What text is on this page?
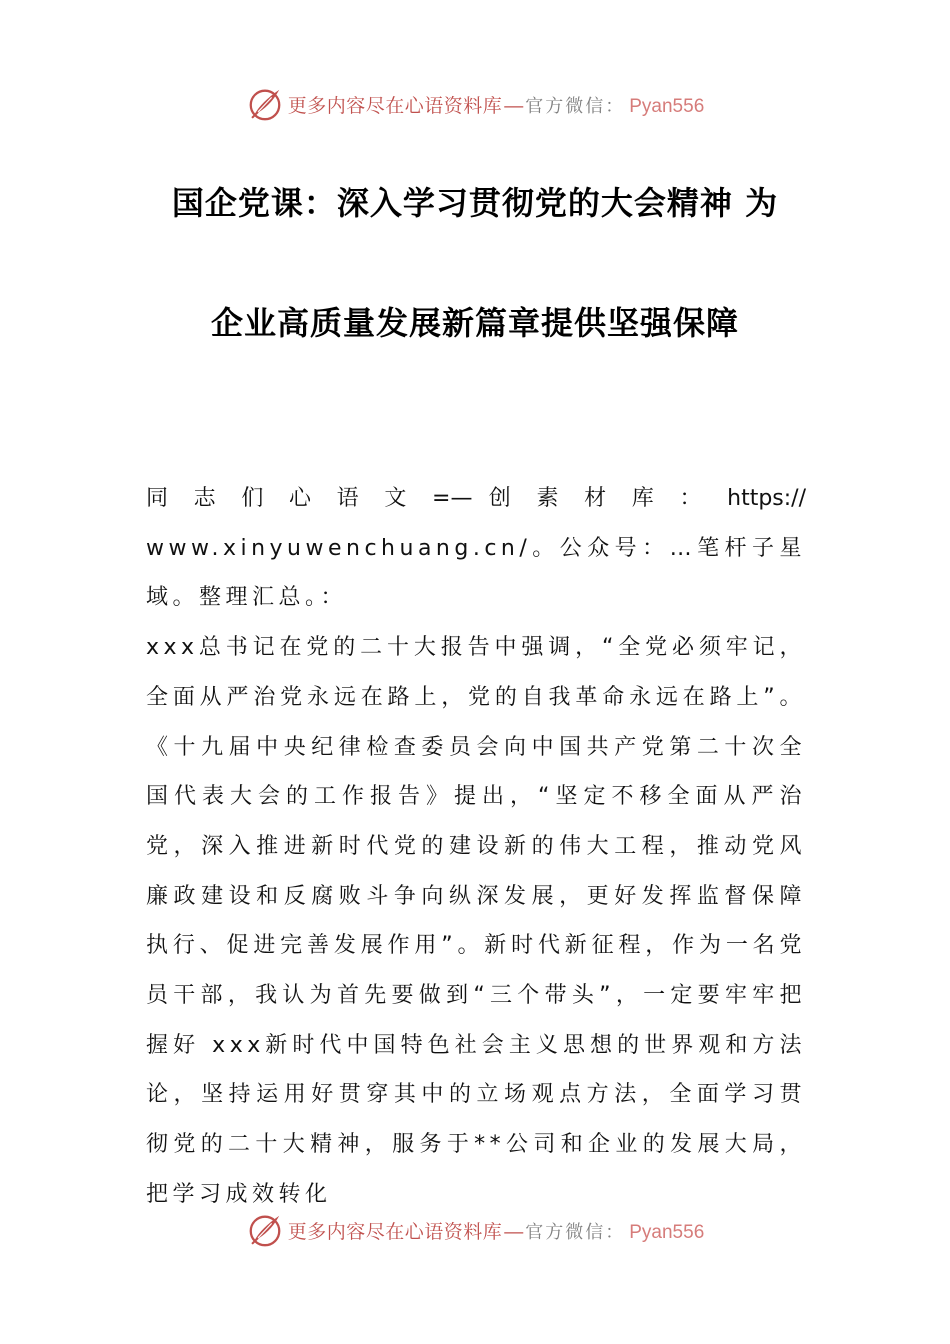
更多内容尽在心语资料库 — 官方微信： Pyan556
国企党课：深入学习贯彻党的大会精神 为
企业高质量发展新篇章提供坚强保障

同 志 们 心 语 文 =— 创 素 材 库 ： https://
www.xinyuwenchuang.cn/。公众号：…笔杆子星域。整理汇总。：

xxx总书记在党的二十大报告中强调，“全党必须牢记，全面从严治党永远在路上，党的自我革命永远在路上”。《十九届中央纪律检查委员会向中国共产党第二十次全国代表大会的工作报告》提出，“坚定不移全面从严治党，深入推进新时代党的建设新的伟大工程，推动党风廉政建设和反腐败斗争向纵深发展，更好发挥监督保障执行、促进完善发展作用”。新时代新征程，作为一名党员干部，我认为首先要做到“三个带头”，一定要牢牢把握好 xxx新时代中国特色社会主义思想的世界观和方法论，坚持运用好贯穿其中的立场观点方法，全面学习贯彻党的二十大精神，服务于**公司和企业的发展大局，把学习成效转化

更多内容尽在心语资料库 — 官方微信： Pyan556
